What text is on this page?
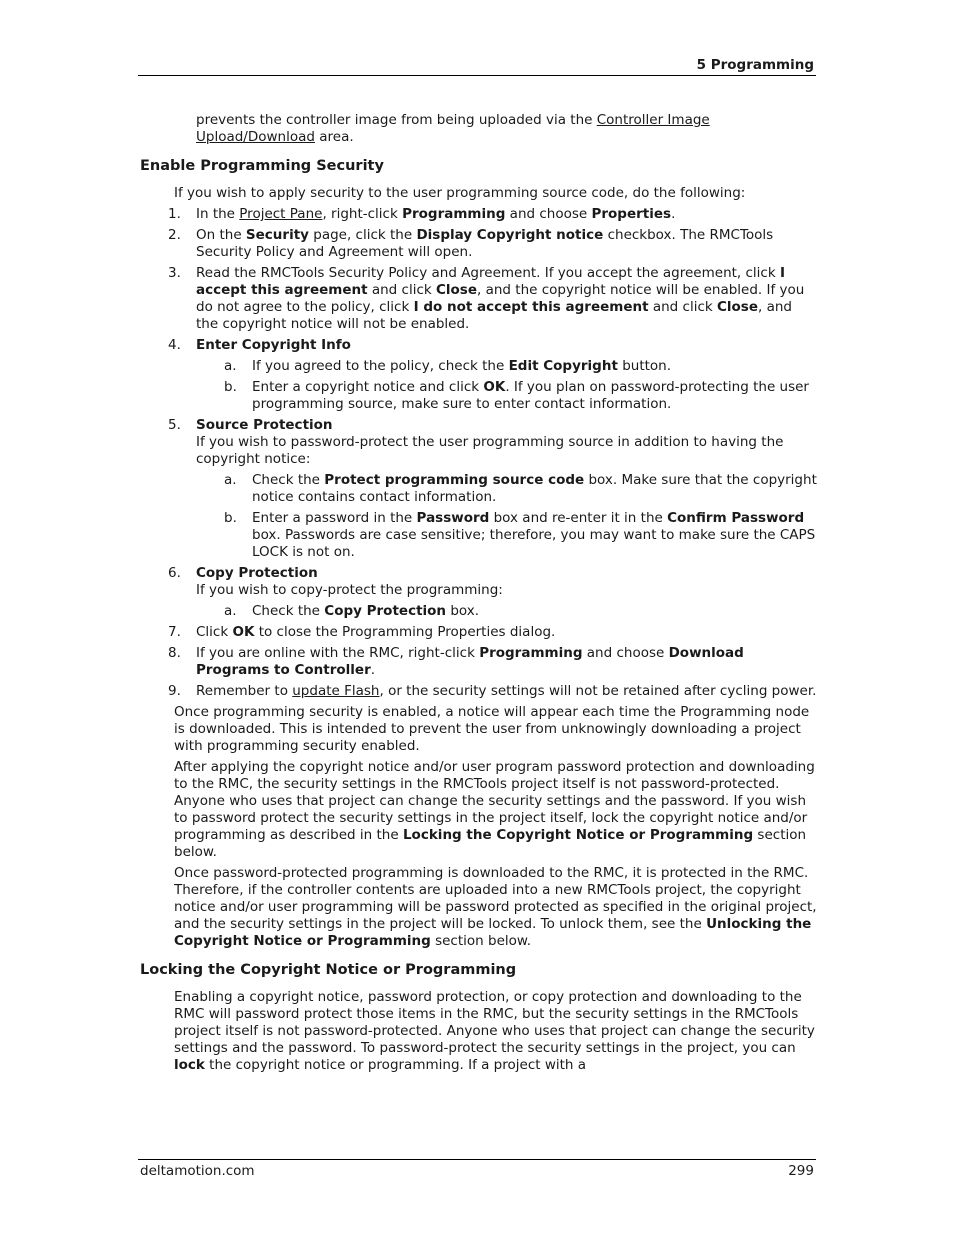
5 Programming

prevents the controller image from being uploaded via the Controller Image Upload/Download area.

Enable Programming Security

If you wish to apply security to the user programming source code, do the following:

1.	In the Project Pane, right-click Programming and choose Properties.
2.	On the Security page, click the Display Copyright notice checkbox. The RMCTools Security Policy and Agreement will open.
3.	Read the RMCTools Security Policy and Agreement. If you accept the agreement, click I accept this agreement and click Close, and the copyright notice will be enabled. If you do not agree to the policy, click I do not accept this agreement and click Close, and the copyright notice will not be enabled.
4.	Enter Copyright Info
a.	If you agreed to the policy, check the Edit Copyright button.
b.	Enter a copyright notice and click OK. If you plan on password-protecting the user programming source, make sure to enter contact information.
5.	Source Protection
If you wish to password-protect the user programming source in addition to having the copyright notice:
a.	Check the Protect programming source code box. Make sure that the copyright notice contains contact information.
b.	Enter a password in the Password box and re-enter it in the Confirm Password box. Passwords are case sensitive; therefore, you may want to make sure the CAPS LOCK is not on.
6.	Copy Protection
If you wish to copy-protect the programming:
a.	Check the Copy Protection box.
7.	Click OK to close the Programming Properties dialog.
8.	If you are online with the RMC, right-click Programming and choose Download Programs to Controller.
9.	Remember to update Flash, or the security settings will not be retained after cycling power.

Once programming security is enabled, a notice will appear each time the Programming node is downloaded. This is intended to prevent the user from unknowingly downloading a project with programming security enabled.

After applying the copyright notice and/or user program password protection and downloading to the RMC, the security settings in the RMCTools project itself is not password-protected. Anyone who uses that project can change the security settings and the password. If you wish to password protect the security settings in the project itself, lock the copyright notice and/or programming as described in the Locking the Copyright Notice or Programming section below.

Once password-protected programming is downloaded to the RMC, it is protected in the RMC. Therefore, if the controller contents are uploaded into a new RMCTools project, the copyright notice and/or user programming will be password protected as specified in the original project, and the security settings in the project will be locked. To unlock them, see the Unlocking the Copyright Notice or Programming section below.

Locking the Copyright Notice or Programming

Enabling a copyright notice, password protection, or copy protection and downloading to the RMC will password protect those items in the RMC, but the security settings in the RMCTools project itself is not password-protected. Anyone who uses that project can change the security settings and the password. To password-protect the security settings in the project, you can lock the copyright notice or programming. If a project with a

deltamotion.com	299
